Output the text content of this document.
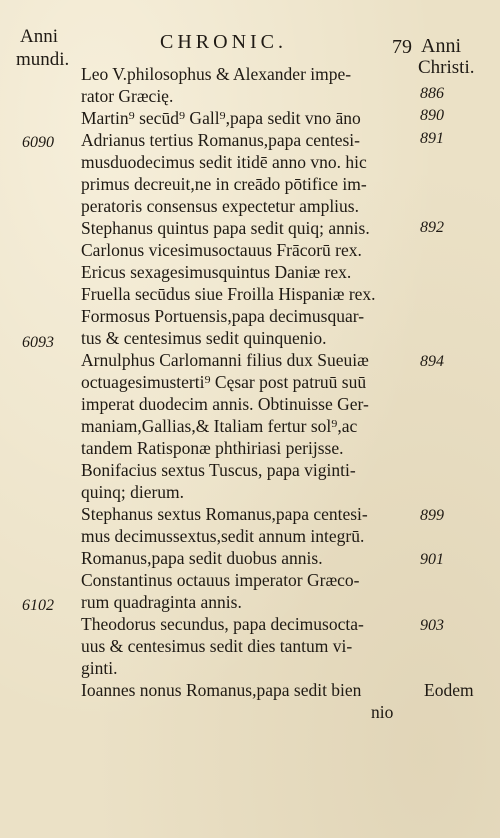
Anni
mundi.
CHRONIC.	79 Anni
Christi.
Leo V.philosophus & Alexander impe-
rator Græcię.
Martin⁹ secūd⁹ Gall⁹,papa sedit vno āno
Adrianus tertius Romanus,papa centesi-
musduodecimus sedit itidē anno vno. hic
primus decreuit,ne in creādo pōtifice im-
peratoris consensus expectetur amplius.
Stephanus quintus papa sedit quiq; annis.
Carlonus vicesimusoctauus Frācorū rex.
Ericus sexagesimusquintus Daniæ rex.
Fruella secūdus siue Froilla Hispaniæ rex.
Formosus Portuensis,papa decimusquar-
tus & centesimus sedit quinquenio.
Arnulphus Carlomanni filius dux Sueuiæ
octuagesimusterti⁹ Cęsar post patruū suū
imperat duodecim annis. Obtinuisse Ger-
maniam,Gallias,& Italiam fertur sol⁹,ac
tandem Ratisponæ phthiriasi perijsse.
Bonifacius sextus Tuscus, papa viginti-
quinq; dierum.
Stephanus sextus Romanus,papa centesi-
mus decimussextus,sedit annum integrū.
Romanus,papa sedit duobus annis.
Constantinus octauus imperator Græco-
rum quadraginta annis.
Theodorus secundus, papa decimusocta-
uus & centesimus sedit dies tantum vi-
ginti.
Ioannes nonus Romanus,papa sedit bien
nio
6090
6093
6102
886
890
891
892
894
899
901
903
Eodem
